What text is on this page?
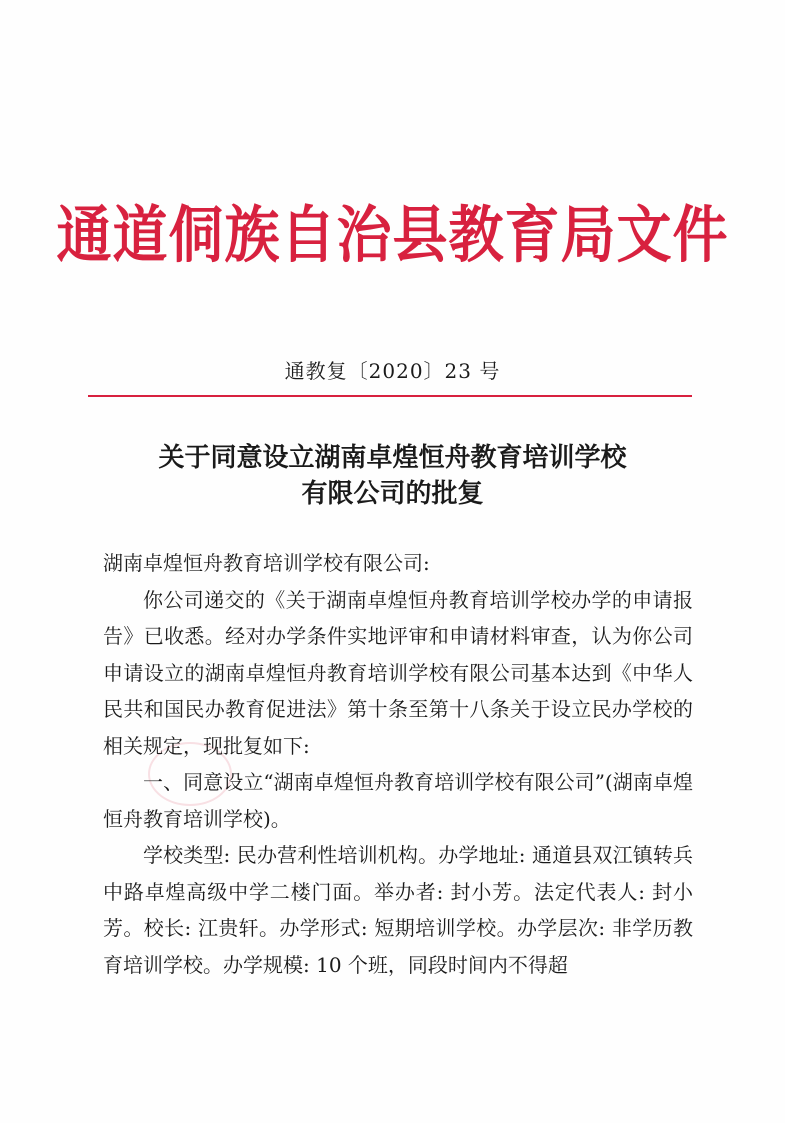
通道侗族自治县教育局文件
通教复〔2020〕23 号
关于同意设立湖南卓煌恒舟教育培训学校
有限公司的批复

湖南卓煌恒舟教育培训学校有限公司:

你公司递交的《关于湖南卓煌恒舟教育培训学校办学的申请报告》已收悉。经对办学条件实地评审和申请材料审查，认为你公司申请设立的湖南卓煌恒舟教育培训学校有限公司基本达到《中华人民共和国民办教育促进法》第十条至第十八条关于设立民办学校的相关规定，现批复如下:

一、同意设立“湖南卓煌恒舟教育培训学校有限公司”(湖南卓煌恒舟教育培训学校)。

学校类型: 民办营利性培训机构。办学地址: 通道县双江镇转兵中路卓煌高级中学二楼门面。举办者: 封小芳。法定代表人: 封小芳。校长: 江贵轩。办学形式: 短期培训学校。办学层次: 非学历教育培训学校。办学规模: 10 个班，同段时间内不得超
